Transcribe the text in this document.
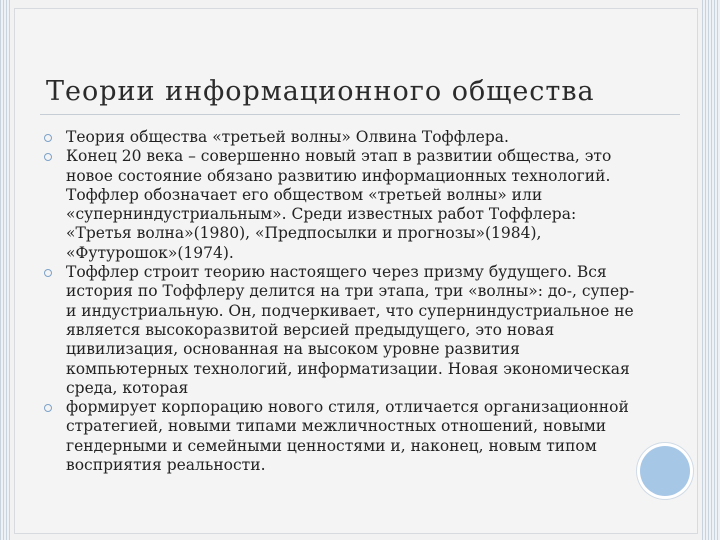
Теории информационного общества
Теория общества «третьей волны» Олвина Тоффлера.
Конец 20 века – совершенно новый этап в развитии общества, это новое состояние обязано развитию информационных технологий. Тоффлер обозначает его обществом «третьей волны» или «суперниндустриальным». Среди известных работ Тоффлера: «Третья волна»(1980), «Предпосылки и прогнозы»(1984), «Футурошок»(1974).
Тоффлер строит теорию настоящего через призму будущего. Вся история по Тоффлеру делится на три этапа, три «волны»: до-, супер- и индустриальную. Он, подчеркивает, что суперниндустриальное не является высокоразвитой версией предыдущего, это новая цивилизация, основанная на высоком уровне развития компьютерных технологий, информатизации. Новая экономическая среда, которая
формирует корпорацию нового стиля, отличается организационной стратегией, новыми типами межличностных отношений, новыми гендерными и семейными ценностями и, наконец, новым типом восприятия реальности.
